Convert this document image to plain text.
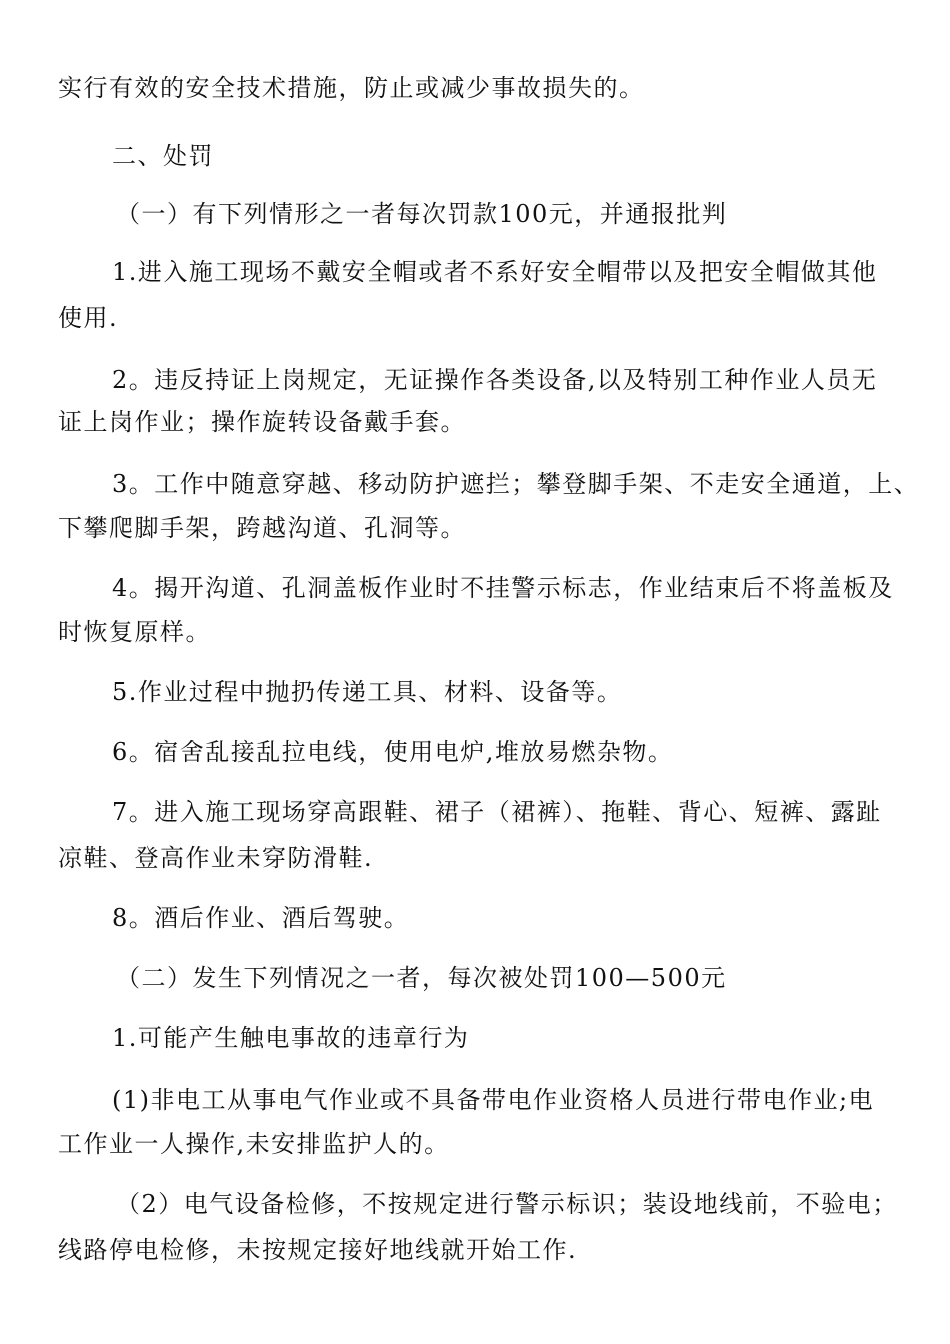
实行有效的安全技术措施，防止或减少事故损失的。
二、处罚
（一）有下列情形之一者每次罚款100元，并通报批判
1.进入施工现场不戴安全帽或者不系好安全帽带以及把安全帽做其他
使用.
2。违反持证上岗规定，无证操作各类设备,以及特别工种作业人员无
证上岗作业；操作旋转设备戴手套。
3。工作中随意穿越、移动防护遮拦；攀登脚手架、不走安全通道，上、
下攀爬脚手架，跨越沟道、孔洞等。
4。揭开沟道、孔洞盖板作业时不挂警示标志，作业结束后不将盖板及
时恢复原样。
5.作业过程中抛扔传递工具、材料、设备等。
6。宿舍乱接乱拉电线，使用电炉,堆放易燃杂物。
7。进入施工现场穿高跟鞋、裙子（裙裤）、拖鞋、背心、短裤、露趾
凉鞋、登高作业未穿防滑鞋.
8。酒后作业、酒后驾驶。
（二）发生下列情况之一者，每次被处罚100—500元
1.可能产生触电事故的违章行为
(1)非电工从事电气作业或不具备带电作业资格人员进行带电作业;电
工作业一人操作,未安排监护人的。
（2）电气设备检修，不按规定进行警示标识；装设地线前，不验电；
线路停电检修，未按规定接好地线就开始工作.
